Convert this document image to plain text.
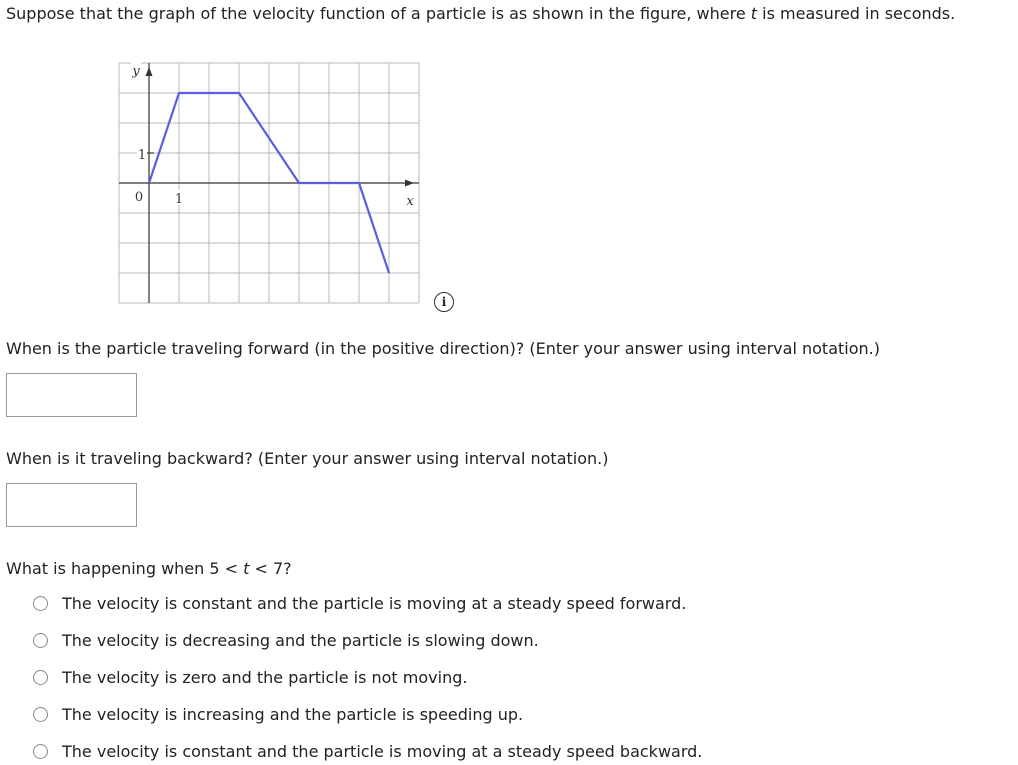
Suppose that the graph of the velocity function of a particle is as shown in the figure, where t is measured in seconds.
y
x
0 1
1
i
When is the particle traveling forward (in the positive direction)? (Enter your answer using interval notation.)
When is it traveling backward? (Enter your answer using interval notation.)
What is happening when 5 < t < 7?
The velocity is constant and the particle is moving at a steady speed forward.
The velocity is decreasing and the particle is slowing down.
The velocity is zero and the particle is not moving.
The velocity is increasing and the particle is speeding up.
The velocity is constant and the particle is moving at a steady speed backward.
